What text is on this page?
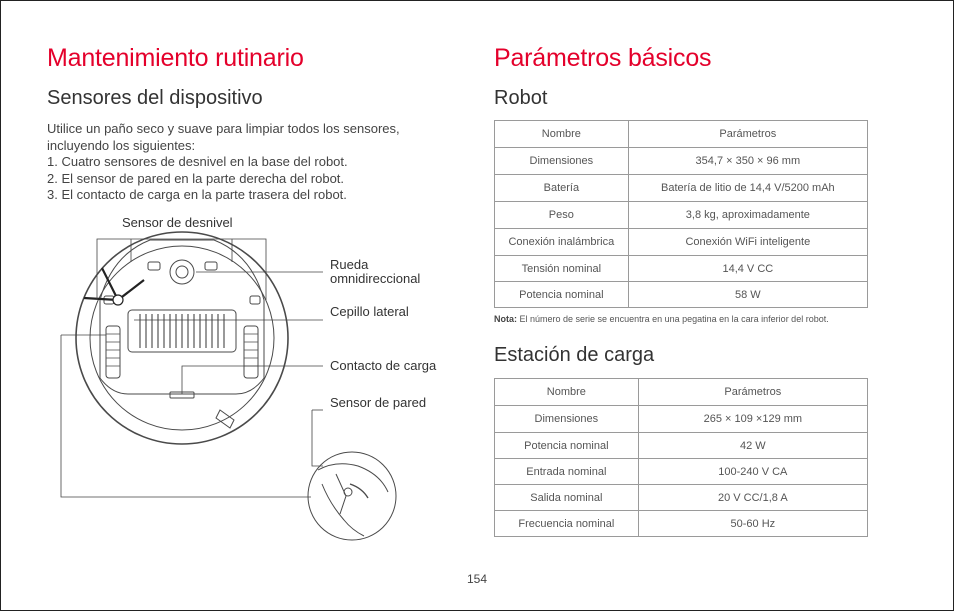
Mantenimiento rutinario
Sensores del dispositivo
Utilice un paño seco y suave para limpiar todos los sensores,
incluyendo los siguientes:
1. Cuatro sensores de desnivel en la base del robot.
2. El sensor de pared en la parte derecha del robot.
3. El contacto de carga en la parte trasera del robot.
Sensor de desnivel
Rueda
omnidireccional
Cepillo lateral
Contacto de carga
Sensor de pared
Parámetros básicos
Robot
Nombre	Parámetros
Dimensiones	354,7 × 350 × 96 mm
Batería	Batería de litio de 14,4 V/5200 mAh
Peso	3,8 kg, aproximadamente
Conexión inalámbrica	Conexión WiFi inteligente
Tensión nominal	14,4 V CC
Potencia nominal	58 W
Nota: El número de serie se encuentra en una pegatina en la cara inferior del robot.
Estación de carga
Nombre	Parámetros
Dimensiones	265 × 109 ×129 mm
Potencia nominal	42 W
Entrada nominal	100-240 V CA
Salida nominal	20 V CC/1,8 A
Frecuencia nominal	50-60 Hz
154
